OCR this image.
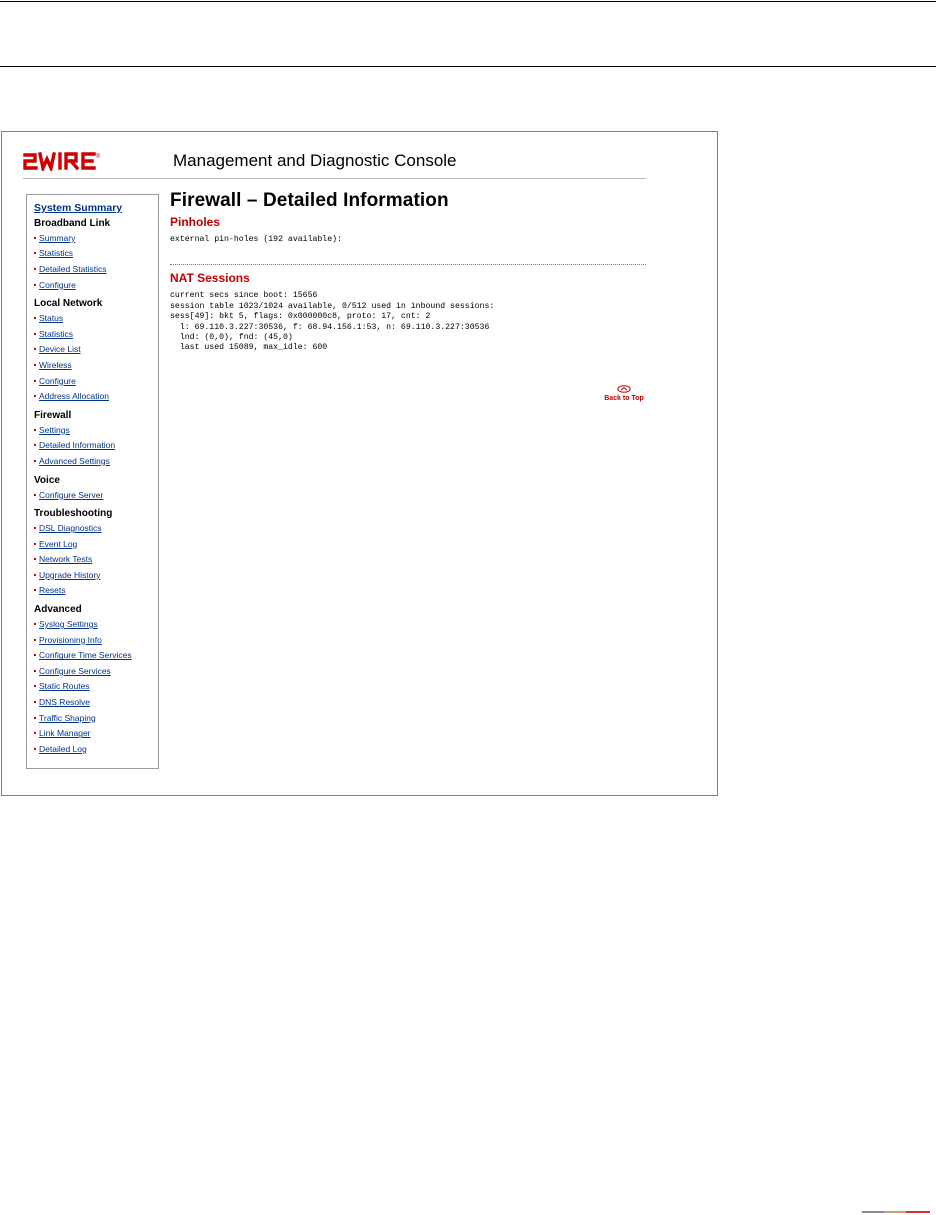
®	Management and Diagnostic Console
System Summary
Broadband Link
Summary
Statistics
Detailed Statistics
Configure
Local Network
Status
Statistics
Device List
Wireless
Configure
Address Allocation
Firewall
Settings
Detailed Information
Advanced Settings
Voice
Configure Server
Troubleshooting
DSL Diagnostics
Event Log
Network Tests
Upgrade History
Resets
Advanced
Syslog Settings
Provisioning Info
Configure Time Services
Configure Services
Static Routes
DNS Resolve
Traffic Shaping
Link Manager
Detailed Log
Firewall – Detailed Information
Pinholes
external pin-holes (192 available):
NAT Sessions
current secs since boot: 15656
session table 1023/1024 available, 0/512 used in inbound sessions:
sess[49]: bkt 5, flags: 0x000000c8, proto: 17, cnt: 2
l: 69.110.3.227:30536, f: 68.94.156.1:53, n: 69.110.3.227:30536
lnd: (0,0), fnd: (45,0)
last used 15089, max_idle: 600
Back to Top
